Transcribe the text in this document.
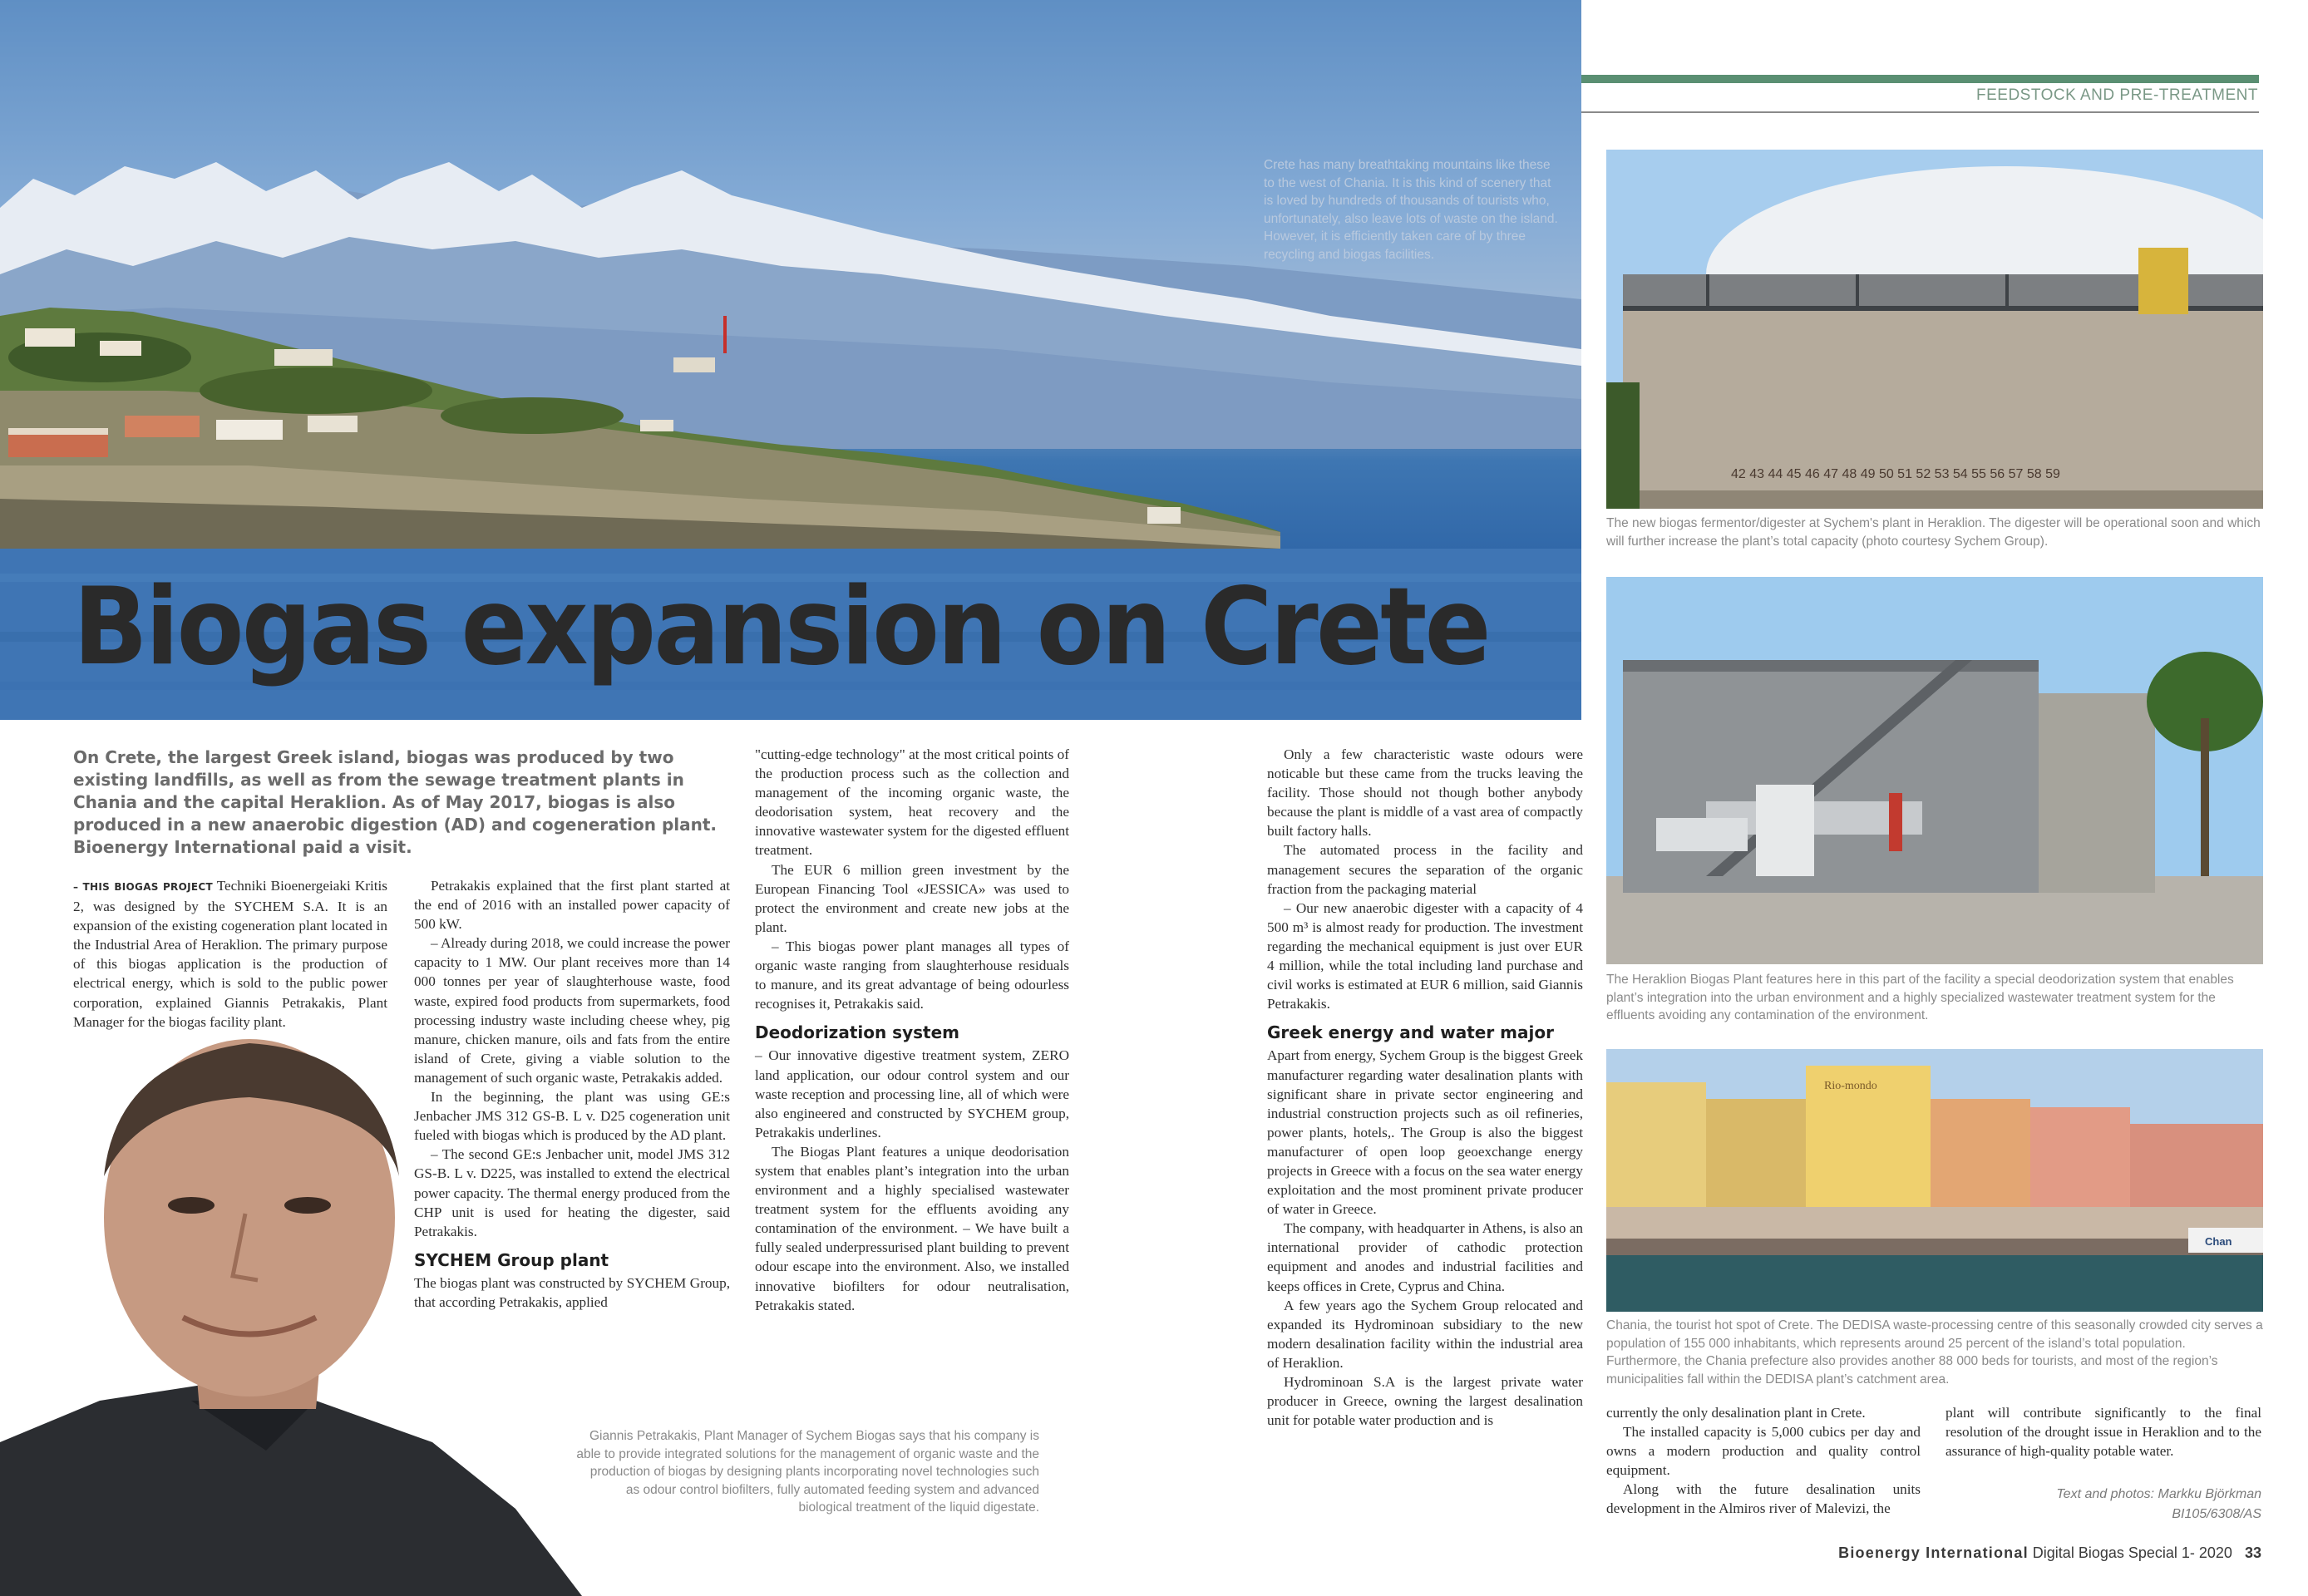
FEEDSTOCK AND PRE-TREATMENT
Crete has many breathtaking mountains like these to the west of Chania. It is this kind of scenery that is loved by hundreds of thousands of tourists who, unfortunately, also leave lots of waste on the island. However, it is efficiently taken care of by three recycling and biogas facilities.
Biogas expansion on Crete
On Crete, the largest Greek island, biogas was produced by two existing landfills, as well as from the sewage treatment plants in Chania and the capital Heraklion. As of May 2017, biogas is also produced in a new anaerobic digestion (AD) and cogeneration plant. Bioenergy International paid a visit.

– THIS BIOGAS PROJECT Techniki Bioenergeiaki Kritis 2, was designed by the SYCHEM S.A. It is an expansion of the existing cogeneration plant located in the Industrial Area of Heraklion. The primary purpose of this biogas application is the production of electrical energy, which is sold to the public power corporation, explained Giannis Petrakakis, Plant Manager for the biogas facility plant.

Petrakakis explained that the first plant started at the end of 2016 with an installed power capacity of 500 kW.

– Already during 2018, we could increase the power capacity to 1 MW. Our plant receives more than 14 000 tonnes per year of slaughterhouse waste, food waste, expired food products from supermarkets, food processing industry waste including cheese whey, pig manure, chicken manure, oils and fats from the entire island of Crete, giving a viable solution to the management of such organic waste, Petrakakis added.

In the beginning, the plant was using GE:s Jenbacher JMS 312 GS-B. L v. D25 cogeneration unit fueled with biogas which is produced by the AD plant.

– The second GE:s Jenbacher unit, model JMS 312 GS-B. L v. D225, was installed to extend the electrical power capacity. The thermal energy produced from the CHP unit is used for heating the digester, said Petrakakis.

SYCHEM Group plant

The biogas plant was constructed by SYCHEM Group, that according Petrakakis, applied

"cutting-edge technology" at the most critical points of the production process such as the collection and management of the incoming organic waste, the deodorisation system, heat recovery and the innovative wastewater system for the digested effluent treatment.

The EUR 6 million green investment by the European Financing Tool «JESSICA» was used to protect the environment and create new jobs at the plant.

– This biogas power plant manages all types of organic waste ranging from slaughterhouse residuals to manure, and its great advantage of being odourless recognises it, Petrakakis said.

Deodorization system

– Our innovative digestive treatment system, ZERO land application, our odour control system and our waste reception and processing line, all of which were also engineered and constructed by SYCHEM group, Petrakakis underlines.

The Biogas Plant features a unique deodorisation system that enables plant’s integration into the urban environment and a highly specialised wastewater treatment system for the effluents avoiding any contamination of the environment. – We have built a fully sealed underpressurised plant building to prevent odour escape into the environment. Also, we installed innovative biofilters for odour neutralisation, Petrakakis stated.

Giannis Petrakakis, Plant Manager of Sychem Biogas says that his company is able to provide integrated solutions for the management of organic waste and the production of biogas by designing plants incorporating novel technologies such as odour control biofilters, fully automated feeding system and advanced biological treatment of the liquid digestate.

Only a few characteristic waste odours were noticable but these came from the trucks leaving the facility. Those should not though bother anybody because the plant is middle of a vast area of compactly built factory halls.

The automated process in the facility and management secures the separation of the organic fraction from the packaging material

– Our new anaerobic digester with a capacity of 4 500 m³ is almost ready for production. The investment regarding the mechanical equipment is just over EUR 4 million, while the total including land purchase and civil works is estimated at EUR 6 million, said Giannis Petrakakis.

Greek energy and water major

Apart from energy, Sychem Group is the biggest Greek manufacturer regarding water desalination plants with significant share in private sector engineering and industrial construction projects such as oil refineries, power plants, hotels,. The Group is also the biggest manufacturer of open loop geoexchange energy projects in Greece with a focus on the sea water energy exploitation and the most prominent private producer of water in Greece.

The company, with headquarter in Athens, is also an international provider of cathodic protection equipment and anodes and industrial facilities and keeps offices in Crete, Cyprus and China.

A few years ago the Sychem Group relocated and expanded its Hydrominoan subsidiary to the new modern desalination facility within the industrial area of Heraklion.

Hydrominoan S.A is the largest private water producer in Greece, owning the largest desalination unit for potable water production and is

42 43 44 45 46 47 48 49 50 51 52 53 54 55 56 57 58 59
The new biogas fermentor/digester at Sychem's plant in Heraklion. The digester will be operational soon and which will further increase the plant’s total capacity (photo courtesy Sychem Group).
The Heraklion Biogas Plant features here in this part of the facility a special deodorization system that enables plant’s integration into the urban environment and a highly specialized wastewater treatment system for the effluents avoiding any contamination of the environment.
Rio-mondo
Chan
Chania, the tourist hot spot of Crete. The DEDISA waste-processing centre of this seasonally crowded city serves a population of 155 000 inhabitants, which represents around 25 percent of the island’s total population. Furthermore, the Chania prefecture also provides another 88 000 beds for tourists, and most of the region’s municipalities fall within the DEDISA plant’s catchment area.

currently the only desalination plant in Crete.

The installed capacity is 5,000 cubics per day and owns a modern production and quality control equipment.

Along with the future desalination units development in the Almiros river of Malevizi, the

plant will contribute significantly to the final resolution of the drought issue in Heraklion and to the assurance of high-quality potable water.

Text and photos: Markku Björkman
BI105/6308/AS
Bioenergy International Digital Biogas Special 1- 2020 33
